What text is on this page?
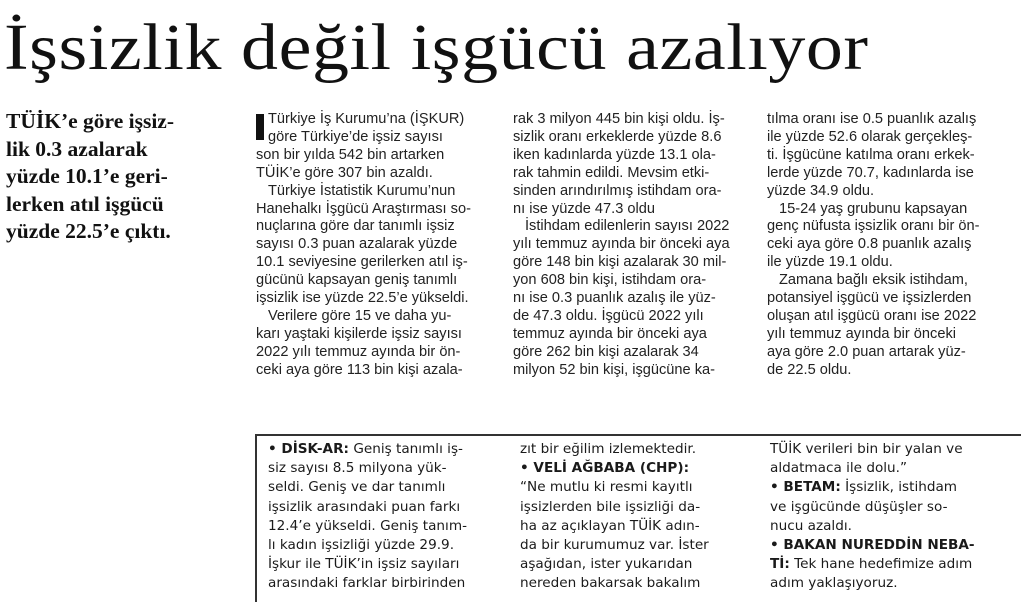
İşsizlik değil işgücü azalıyor

TÜİK’e göre işsiz-

lik 0.3 azalarak

yüzde 10.1’e geri-

lerken atıl işgücü

yüzde 22.5’e çıktı.

Türkiye İş Kurumu’na (İŞKUR)

göre Türkiye’de işsiz sayısı

son bir yılda 542 bin artarken

TÜİK’e göre 307 bin azaldı.

Türkiye İstatistik Kurumu’nun

Hanehalkı İşgücü Araştırması so-

nuçlarına göre dar tanımlı işsiz

sayısı 0.3 puan azalarak yüzde

10.1 seviyesine gerilerken atıl iş-

gücünü kapsayan geniş tanımlı

işsizlik ise yüzde 22.5’e yükseldi.

Verilere göre 15 ve daha yu-

karı yaştaki kişilerde işsiz sayısı

2022 yılı temmuz ayında bir ön-

ceki aya göre 113 bin kişi azala-

rak 3 milyon 445 bin kişi oldu. İş-

sizlik oranı erkeklerde yüzde 8.6

iken kadınlarda yüzde 13.1 ola-

rak tahmin edildi. Mevsim etki-

sinden arındırılmış istihdam ora-

nı ise yüzde 47.3 oldu

İstihdam edilenlerin sayısı 2022

yılı temmuz ayında bir önceki aya

göre 148 bin kişi azalarak 30 mil-

yon 608 bin kişi, istihdam ora-

nı ise 0.3 puanlık azalış ile yüz-

de 47.3 oldu. İşgücü 2022 yılı

temmuz ayında bir önceki aya

göre 262 bin kişi azalarak 34

milyon 52 bin kişi, işgücüne ka-

tılma oranı ise 0.5 puanlık azalış

ile yüzde 52.6 olarak gerçekleş-

ti. İşgücüne katılma oranı erkek-

lerde yüzde 70.7, kadınlarda ise

yüzde 34.9 oldu.

15-24 yaş grubunu kapsayan

genç nüfusta işsizlik oranı bir ön-

ceki aya göre 0.8 puanlık azalış

ile yüzde 19.1 oldu.

Zamana bağlı eksik istihdam,

potansiyel işgücü ve işsizlerden

oluşan atıl işgücü oranı ise 2022

yılı temmuz ayında bir önceki

aya göre 2.0 puan artarak yüz-

de 22.5 oldu.

• DİSK-AR: Geniş tanımlı iş-

siz sayısı 8.5 milyona yük-

seldi. Geniş ve dar tanımlı

işsizlik arasındaki puan farkı

12.4’e yükseldi. Geniş tanım-

lı kadın işsizliği yüzde 29.9.

İşkur ile TÜİK’in işsiz sayıları

arasındaki farklar birbirinden

zıt bir eğilim izlemektedir.

• VELİ AĞBABA (CHP):

“Ne mutlu ki resmi kayıtlı

işsizlerden bile işsizliği da-

ha az açıklayan TÜİK adın-

da bir kurumumuz var. İster

aşağıdan, ister yukarıdan

nereden bakarsak bakalım

TÜİK verileri bin bir yalan ve

aldatmaca ile dolu.”

• BETAM: İşsizlik, istihdam

ve işgücünde düşüşler so-

nucu azaldı.

• BAKAN NUREDDİN NEBA-

Tİ: Tek hane hedefimize adım

adım yaklaşıyoruz.
